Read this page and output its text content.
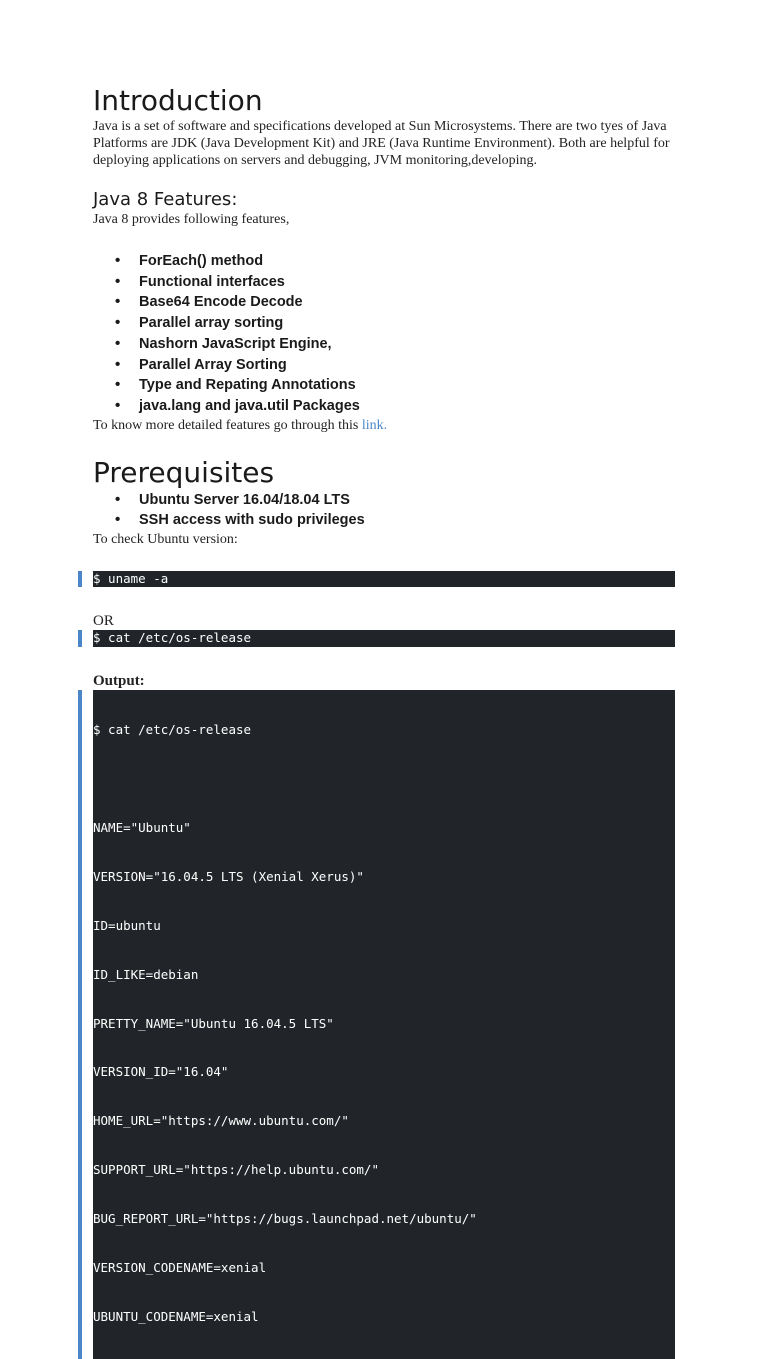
Introduction

Java is a set of software and specifications developed at Sun Microsystems. There are two tyes of Java Platforms are JDK (Java Development Kit) and JRE (Java Runtime Environment). Both are helpful for deploying applications on servers and debugging, JVM monitoring,developing.

Java 8 Features:

Java 8 provides following features,

• ForEach() method
• Functional interfaces
• Base64 Encode Decode
• Parallel array sorting
• Nashorn JavaScript Engine,
• Parallel Array Sorting
• Type and Repating Annotations
• java.lang and java.util Packages

To know more detailed features go through this link.

Prerequisites
• Ubuntu Server 16.04/18.04 LTS
• SSH access with sudo privileges

To check Ubuntu version:

$ uname -a

OR

$ cat /etc/os-release

Output:

$ cat /etc/os-release

NAME="Ubuntu"

VERSION="16.04.5 LTS (Xenial Xerus)"

ID=ubuntu

ID_LIKE=debian

PRETTY_NAME="Ubuntu 16.04.5 LTS"

VERSION_ID="16.04"

HOME_URL="https://www.ubuntu.com/"

SUPPORT_URL="https://help.ubuntu.com/"

BUG_REPORT_URL="https://bugs.launchpad.net/ubuntu/"

VERSION_CODENAME=xenial

UBUNTU_CODENAME=xenial
